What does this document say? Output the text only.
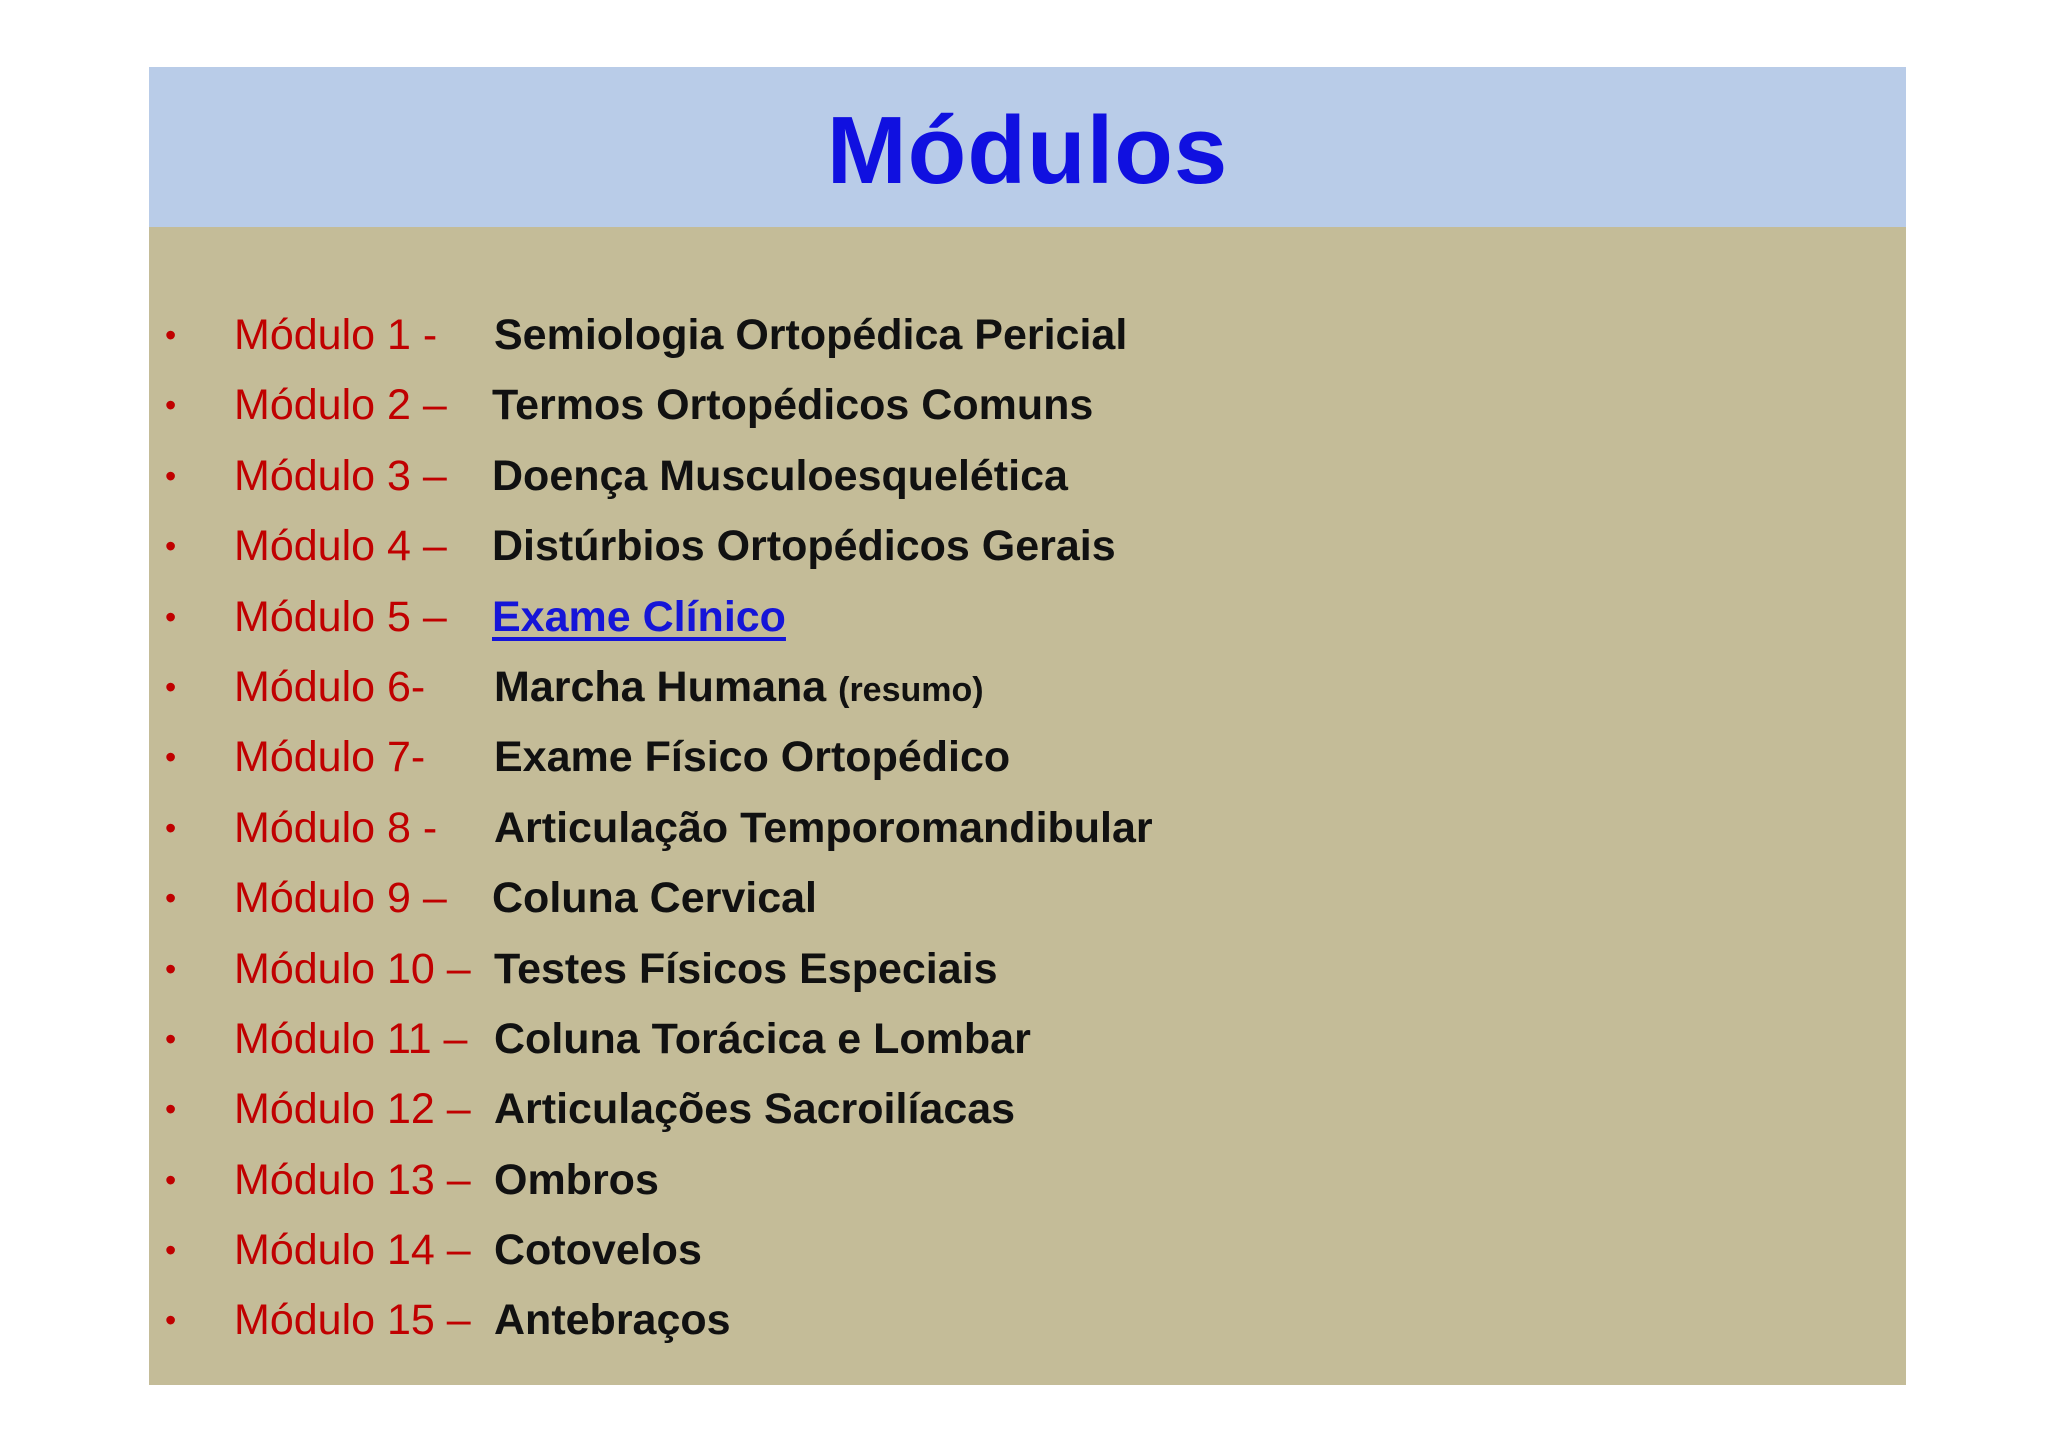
Módulos
• Módulo 1 - Semiologia Ortopédica Pericial
• Módulo 2 – Termos Ortopédicos Comuns
• Módulo 3 – Doença Musculoesquelética
• Módulo 4 – Distúrbios Ortopédicos Gerais
• Módulo 5 – Exame Clínico
• Módulo 6- Marcha Humana (resumo)
• Módulo 7- Exame Físico Ortopédico
• Módulo 8 - Articulação Temporomandibular
• Módulo 9 – Coluna Cervical
• Módulo 10 – Testes Físicos Especiais
• Módulo 11 – Coluna Torácica e Lombar
• Módulo 12 – Articulações Sacroilíacas
• Módulo 13 – Ombros
• Módulo 14 – Cotovelos
• Módulo 15 – Antebraços
